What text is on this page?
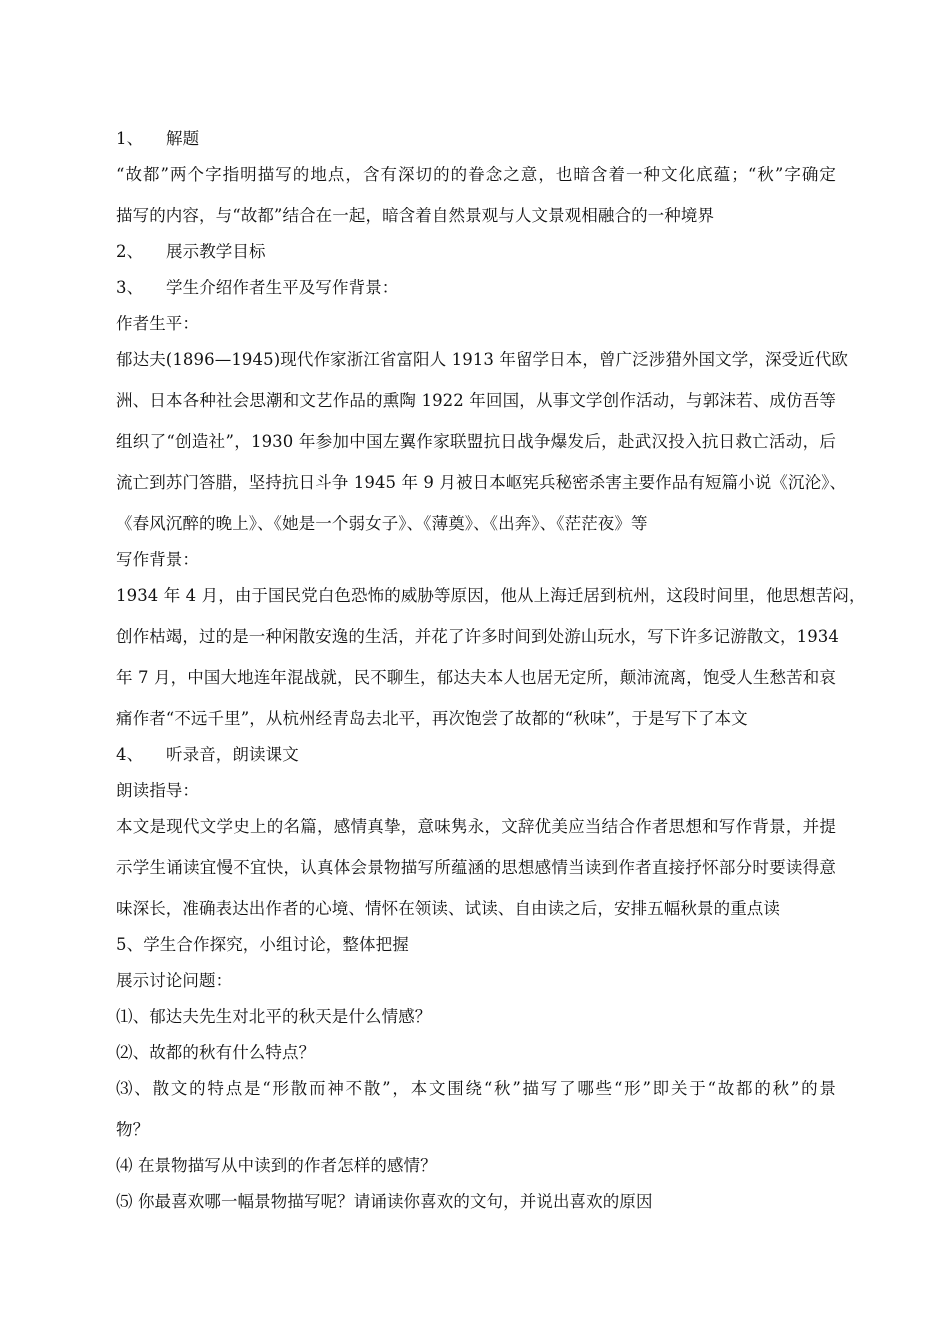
1、 解题
“故都”两个字指明描写的地点，含有深切的的眷念之意，也暗含着一种文化底蕴；“秋”字确定
描写的内容，与“故都”结合在一起，暗含着自然景观与人文景观相融合的一种境界
2、 展示教学目标
3、 学生介绍作者生平及写作背景：
作者生平：
郁达夫(1896—1945)现代作家浙江省富阳人 1913 年留学日本，曾广泛涉猎外国文学，深受近代欧
洲、日本各种社会思潮和文艺作品的熏陶 1922 年回国，从事文学创作活动，与郭沫若、成仿吾等
组织了“创造社”，1930 年参加中国左翼作家联盟抗日战争爆发后，赴武汉投入抗日救亡活动，后
流亡到苏门答腊，坚持抗日斗争 1945 年 9 月被日本岖宪兵秘密杀害主要作品有短篇小说《沉沦》、
《春风沉醉的晚上》、《她是一个弱女子》、《薄奠》、《出奔》、《茫茫夜》等
写作背景：
1934 年 4 月，由于国民党白色恐怖的威胁等原因，他从上海迁居到杭州，这段时间里，他思想苦闷，
创作枯竭，过的是一种闲散安逸的生活，并花了许多时间到处游山玩水，写下许多记游散文，1934
年 7 月，中国大地连年混战就，民不聊生，郁达夫本人也居无定所，颠沛流离，饱受人生愁苦和哀
痛作者“不远千里”，从杭州经青岛去北平，再次饱尝了故都的“秋味”，于是写下了本文
4、 听录音，朗读课文
朗读指导：
本文是现代文学史上的名篇，感情真挚，意味隽永，文辞优美应当结合作者思想和写作背景，并提
示学生诵读宜慢不宜快，认真体会景物描写所蕴涵的思想感情当读到作者直接抒怀部分时要读得意
味深长，准确表达出作者的心境、情怀在领读、试读、自由读之后，安排五幅秋景的重点读
5、学生合作探究，小组讨论，整体把握
展示讨论问题：
⑴、郁达夫先生对北平的秋天是什么情感？
⑵、故都的秋有什么特点？
⑶、散文的特点是“形散而神不散”，本文围绕“秋”描写了哪些“形”即关于“故都的秋”的景
物？
⑷ 在景物描写从中读到的作者怎样的感情？
⑸ 你最喜欢哪一幅景物描写呢？请诵读你喜欢的文句，并说出喜欢的原因
